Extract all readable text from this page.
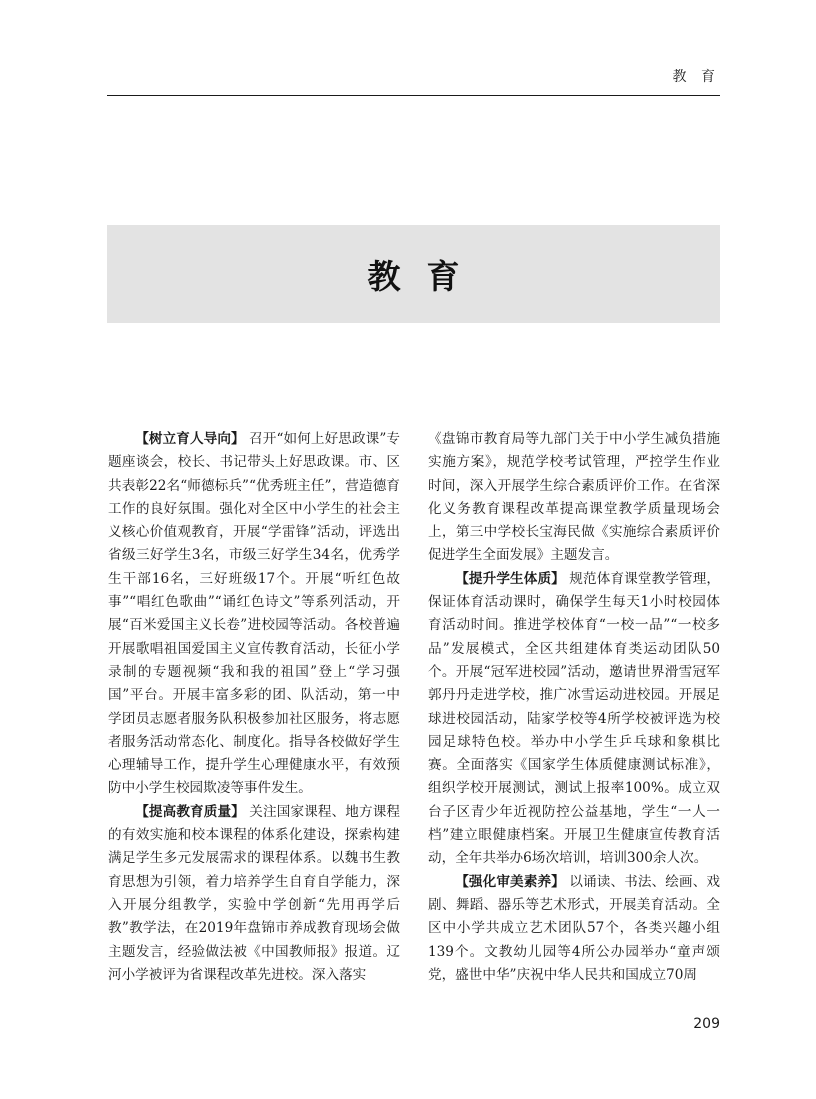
教 育
教育

【树立育人导向】 召开“如何上好思政课”专题座谈会，校长、书记带头上好思政课。市、区共表彰22名“师德标兵”“优秀班主任”，营造德育工作的良好氛围。强化对全区中小学生的社会主义核心价值观教育，开展“学雷锋”活动，评选出省级三好学生3名，市级三好学生34名，优秀学生干部16名，三好班级17个。开展“听红色故事”“唱红色歌曲”“诵红色诗文”等系列活动，开展“百米爱国主义长卷”进校园等活动。各校普遍开展歌唱祖国爱国主义宣传教育活动，长征小学录制的专题视频“我和我的祖国”登上“学习强国”平台。开展丰富多彩的团、队活动，第一中学团员志愿者服务队积极参加社区服务，将志愿者服务活动常态化、制度化。指导各校做好学生心理辅导工作，提升学生心理健康水平，有效预防中小学生校园欺凌等事件发生。

【提高教育质量】 关注国家课程、地方课程的有效实施和校本课程的体系化建设，探索构建满足学生多元发展需求的课程体系。以魏书生教育思想为引领，着力培养学生自育自学能力，深入开展分组教学，实验中学创新“先用再学后教”教学法，在2019年盘锦市养成教育现场会做主题发言，经验做法被《中国教师报》报道。辽河小学被评为省课程改革先进校。深入落实

《盘锦市教育局等九部门关于中小学生减负措施实施方案》，规范学校考试管理，严控学生作业时间，深入开展学生综合素质评价工作。在省深化义务教育课程改革提高课堂教学质量现场会上，第三中学校长宝海民做《实施综合素质评价 促进学生全面发展》主题发言。

【提升学生体质】 规范体育课堂教学管理，保证体育活动课时，确保学生每天1小时校园体育活动时间。推进学校体育“一校一品”“一校多品”发展模式，全区共组建体育类运动团队50个。开展“冠军进校园”活动，邀请世界滑雪冠军郭丹丹走进学校，推广冰雪运动进校园。开展足球进校园活动，陆家学校等4所学校被评选为校园足球特色校。举办中小学生乒乓球和象棋比赛。全面落实《国家学生体质健康测试标准》，组织学校开展测试，测试上报率100%。成立双台子区青少年近视防控公益基地，学生“一人一档”建立眼健康档案。开展卫生健康宣传教育活动，全年共举办6场次培训，培训300余人次。

【强化审美素养】 以诵读、书法、绘画、戏剧、舞蹈、器乐等艺术形式，开展美育活动。全区中小学共成立艺术团队57个，各类兴趣小组139个。文教幼儿园等4所公办园举办“童声颂党，盛世中华”庆祝中华人民共和国成立70周

209
